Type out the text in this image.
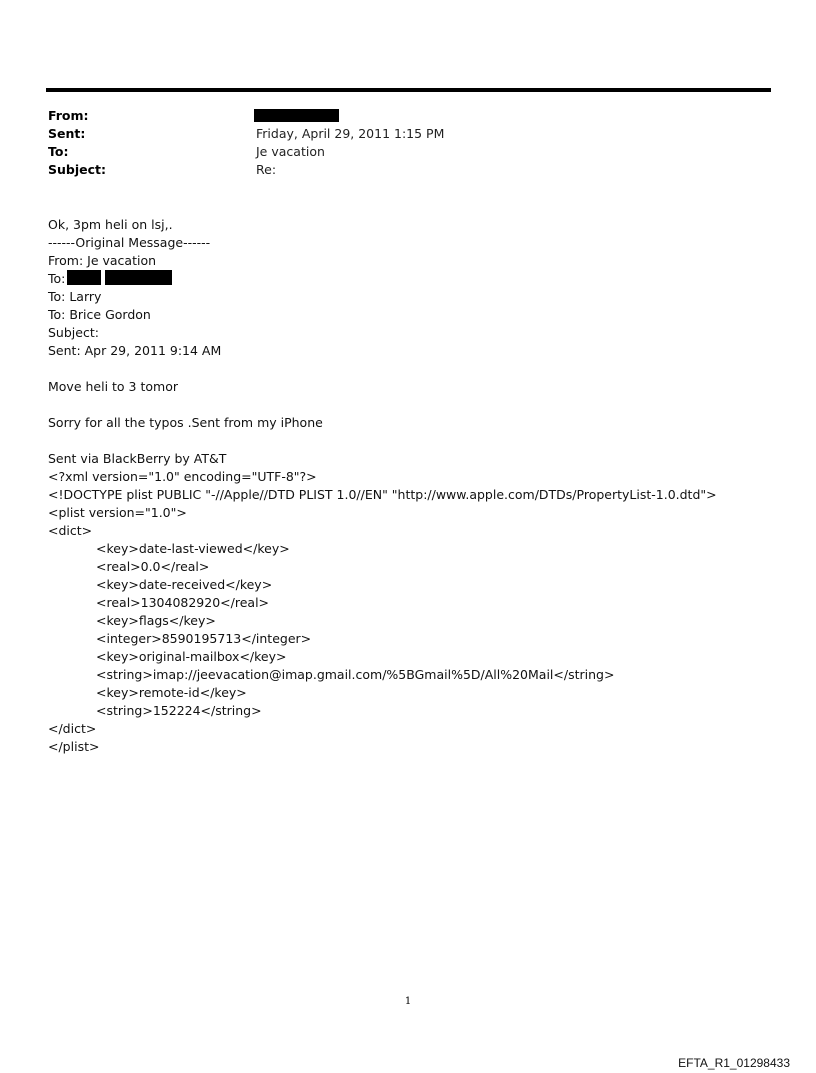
From:
Sent:	Friday, April 29, 2011 1:15 PM
To:	Je vacation
Subject:	Re:
Ok, 3pm heli on lsj,.
------Original Message------
From: Je vacation
To:
To: Larry
To: Brice Gordon
Subject:
Sent: Apr 29, 2011 9:14 AM
Move heli to 3 tomor
Sorry for all the typos .Sent from my iPhone
Sent via BlackBerry by AT&T
<?xml version="1.0" encoding="UTF-8"?>
<!DOCTYPE plist PUBLIC "-//Apple//DTD PLIST 1.0//EN" "http://www.apple.com/DTDs/PropertyList-1.0.dtd">
<plist version="1.0">
<dict>
<key>date-last-viewed</key>
<real>0.0</real>
<key>date-received</key>
<real>1304082920</real>
<key>flags</key>
<integer>8590195713</integer>
<key>original-mailbox</key>
<string>imap://jeevacation@imap.gmail.com/%5BGmail%5D/All%20Mail</string>
<key>remote-id</key>
<string>152224</string>
</dict>
</plist>
1
EFTA_R1_01298433
